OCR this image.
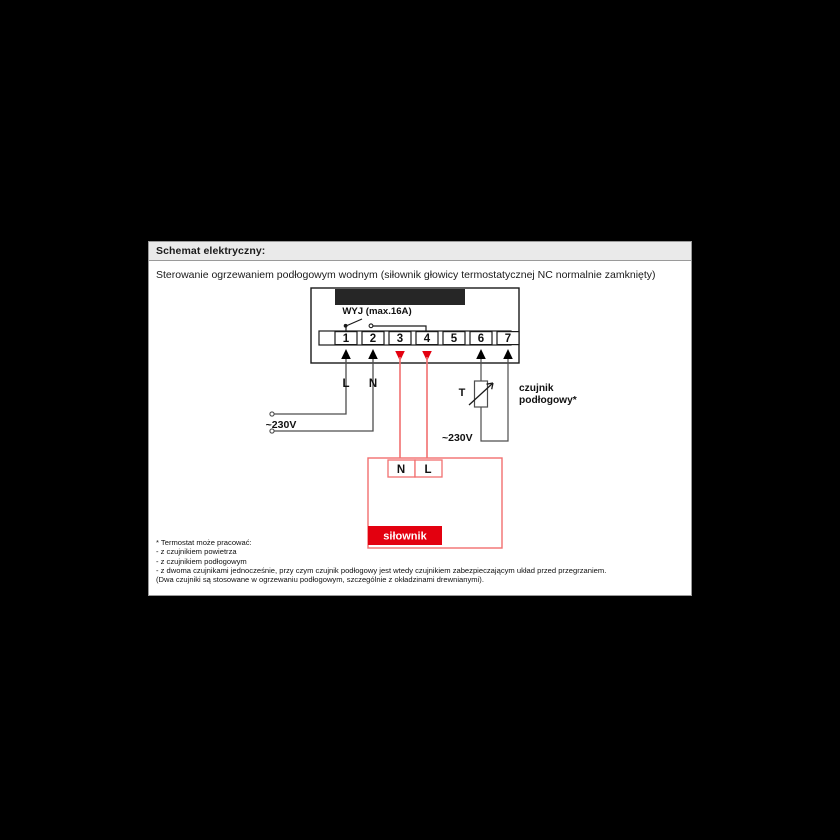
Schemat elektryczny:
Sterowanie ogrzewaniem podłogowym wodnym (siłownik głowicy termostatycznej NC normalnie zamknięty)
WYJ (max.16A)
1 2 3 4 5 6 7
L N
~230V
T	czujnik
podłogowy*
~230V
N L
siłownik
* Termostat może pracować:
- z czujnikiem powietrza
- z czujnikiem podłogowym
- z dwoma czujnikami jednocześnie, przy czym czujnik podłogowy jest wtedy czujnikiem zabezpieczającym układ przed przegrzaniem.
(Dwa czujniki są stosowane w ogrzewaniu podłogowym, szczególnie z okładzinami drewnianymi).
